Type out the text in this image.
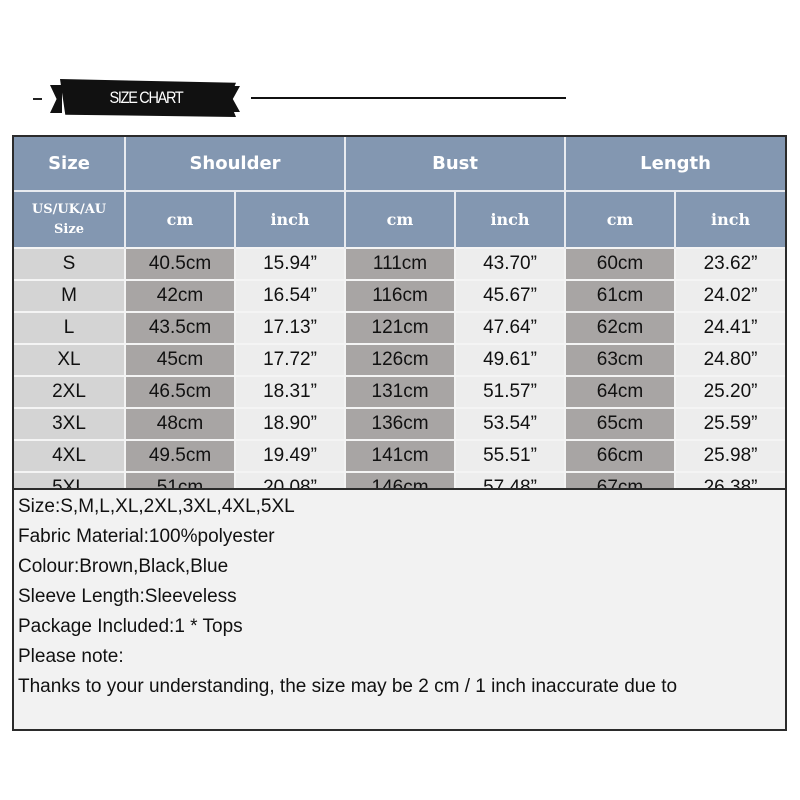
SIZE CHART
Size	Shoulder		Bust		Length	
US/UK/AU
Size	cm	inch	cm	inch	cm	inch
S	40.5cm	15.94”	111cm	43.70”	60cm	23.62”
M	42cm	16.54”	116cm	45.67”	61cm	24.02”
L	43.5cm	17.13”	121cm	47.64”	62cm	24.41”
XL	45cm	17.72”	126cm	49.61”	63cm	24.80”
2XL	46.5cm	18.31”	131cm	51.57”	64cm	25.20”
3XL	48cm	18.90”	136cm	53.54”	65cm	25.59”
4XL	49.5cm	19.49”	141cm	55.51”	66cm	25.98”

Size:S,M,L,XL,2XL,3XL,4XL,5XL
Fabric Material:100%polyester
Colour:Brown,Black,Blue
Sleeve Length:Sleeveless
Package Included:1 * Tops
Please note:
Thanks to your understanding, the size may be 2 cm / 1 inch inaccurate due to
